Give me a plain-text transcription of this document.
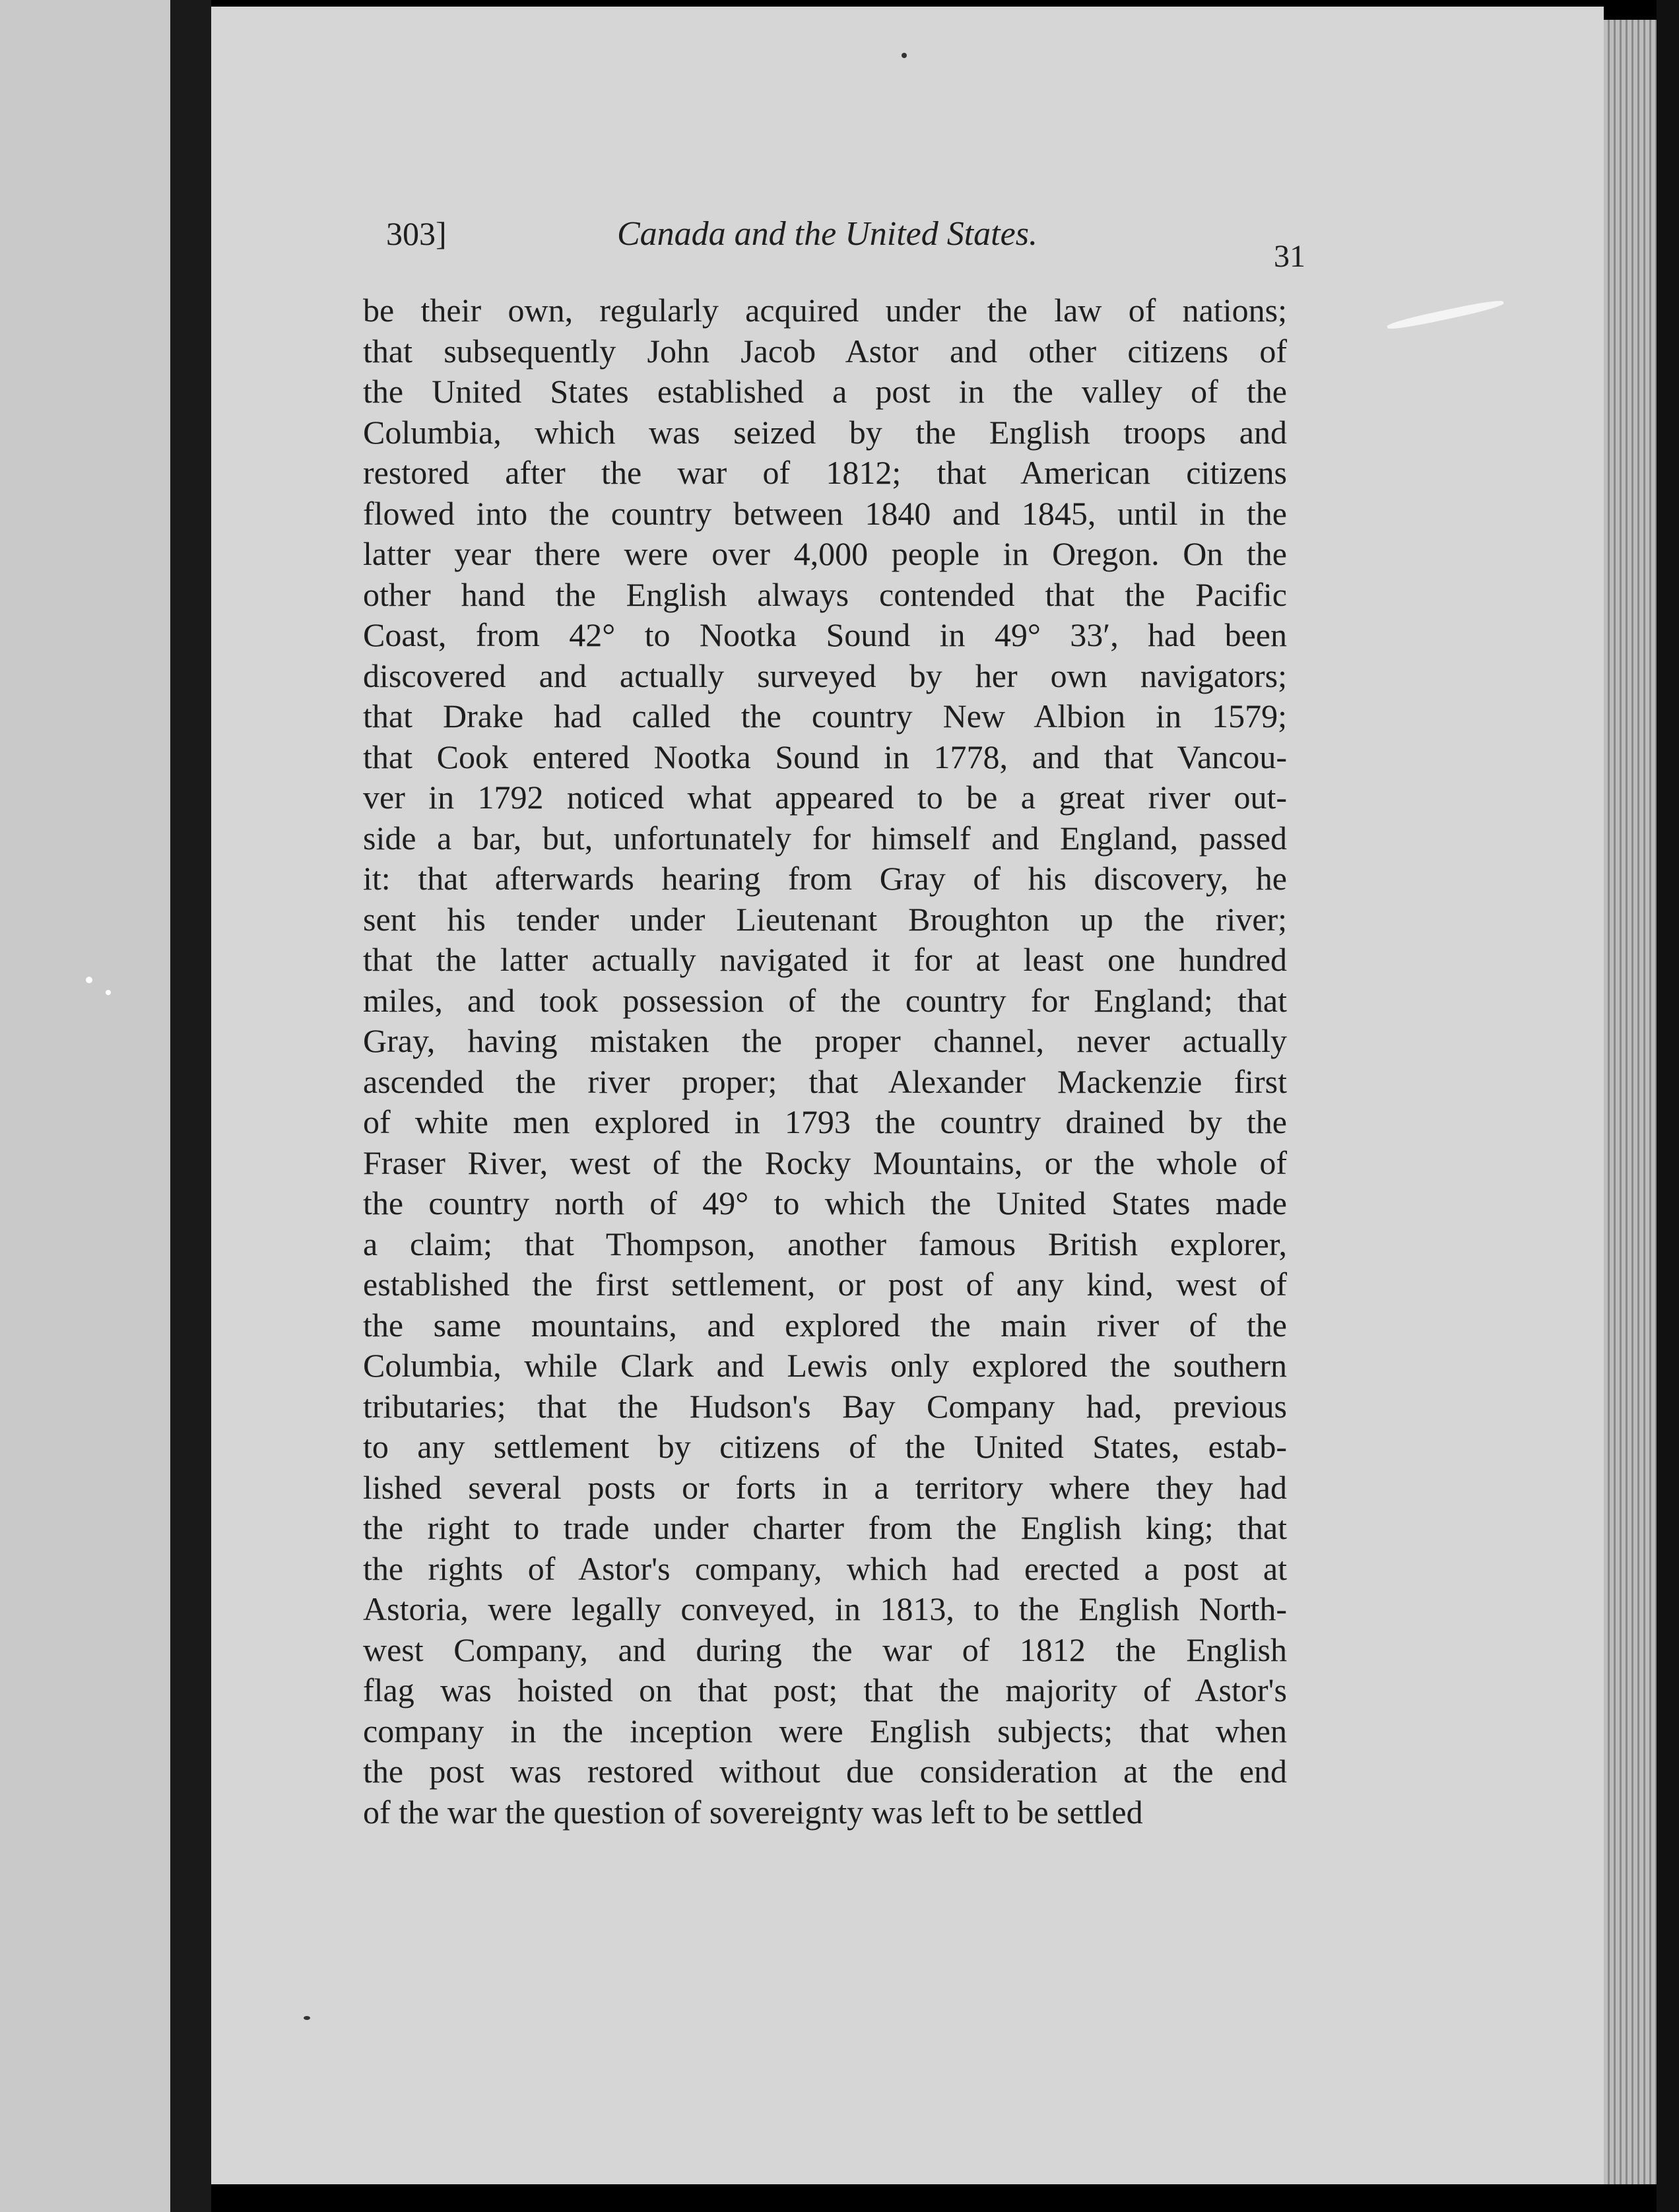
303]	Canada and the United States.
31
be their own, regularly acquired under the law of nations;
that subsequently John Jacob Astor and other citizens of
the United States established a post in the valley of the
Columbia, which was seized by the English troops and
restored after the war of 1812; that American citizens
flowed into the country between 1840 and 1845, until in the
latter year there were over 4,000 people in Oregon. On the
other hand the English always contended that the Pacific
Coast, from 42° to Nootka Sound in 49° 33′, had been
discovered and actually surveyed by her own navigators;
that Drake had called the country New Albion in 1579;
that Cook entered Nootka Sound in 1778, and that Vancou-
ver in 1792 noticed what appeared to be a great river out-
side a bar, but, unfortunately for himself and England, passed
it: that afterwards hearing from Gray of his discovery, he
sent his tender under Lieutenant Broughton up the river;
that the latter actually navigated it for at least one hundred
miles, and took possession of the country for England; that
Gray, having mistaken the proper channel, never actually
ascended the river proper; that Alexander Mackenzie first
of white men explored in 1793 the country drained by the
Fraser River, west of the Rocky Mountains, or the whole of
the country north of 49° to which the United States made
a claim; that Thompson, another famous British explorer,
established the first settlement, or post of any kind, west of
the same mountains, and explored the main river of the
Columbia, while Clark and Lewis only explored the southern
tributaries; that the Hudson's Bay Company had, previous
to any settlement by citizens of the United States, estab-
lished several posts or forts in a territory where they had
the right to trade under charter from the English king; that
the rights of Astor's company, which had erected a post at
Astoria, were legally conveyed, in 1813, to the English North-
west Company, and during the war of 1812 the English
flag was hoisted on that post; that the majority of Astor's
company in the inception were English subjects; that when
the post was restored without due consideration at the end
of the war the question of sovereignty was left to be settled
